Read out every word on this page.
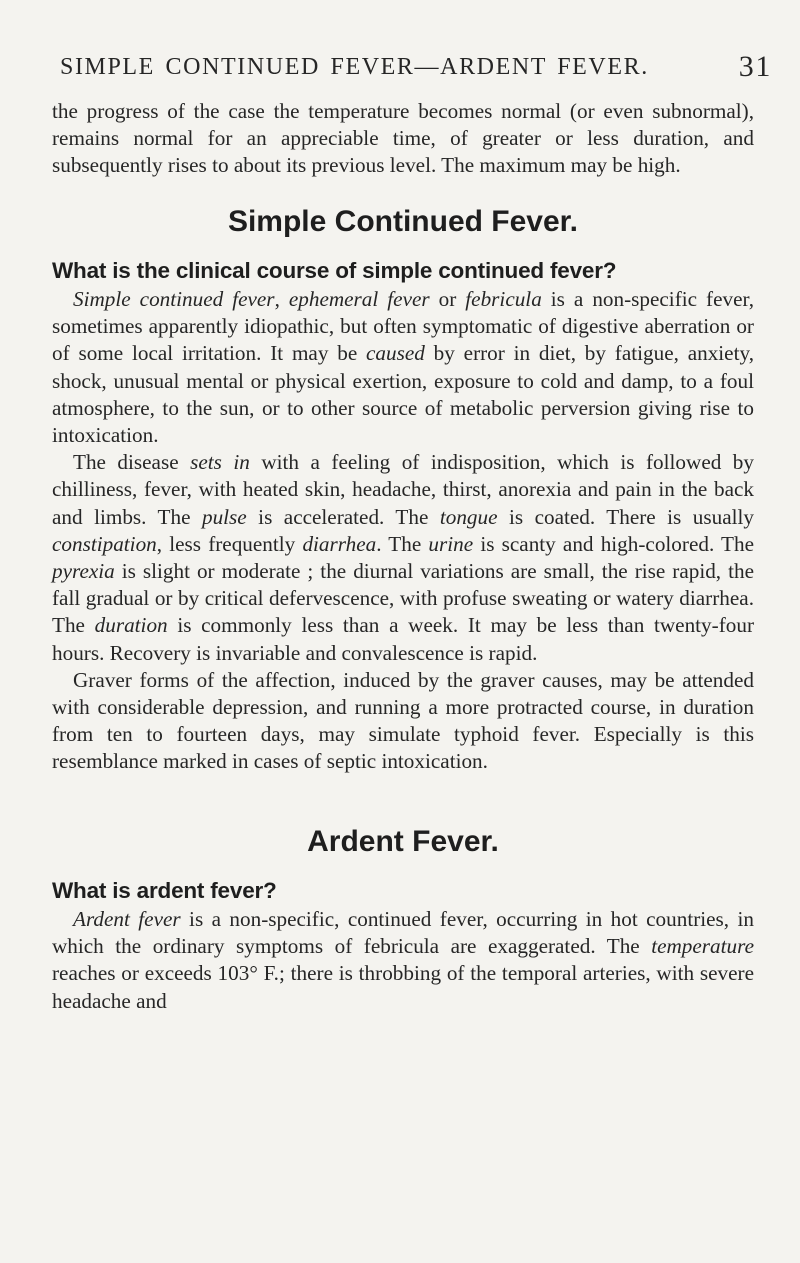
SIMPLE CONTINUED FEVER—ARDENT FEVER.	31

the progress of the case the temperature becomes normal (or even subnormal), remains normal for an appreciable time, of greater or less duration, and subsequently rises to about its previous level. The maximum may be high.

Simple Continued Fever.
What is the clinical course of simple continued fever?

Simple continued fever, ephemeral fever or febricula is a non-specific fever, sometimes apparently idiopathic, but often symptomatic of digestive aberration or of some local irritation. It may be caused by error in diet, by fatigue, anxiety, shock, unusual mental or physical exertion, exposure to cold and damp, to a foul atmosphere, to the sun, or to other source of metabolic perversion giving rise to intoxication.

The disease sets in with a feeling of indisposition, which is followed by chilliness, fever, with heated skin, headache, thirst, anorexia and pain in the back and limbs. The pulse is accelerated. The tongue is coated. There is usually constipation, less frequently diarrhea. The urine is scanty and high-colored. The pyrexia is slight or moderate ; the diurnal variations are small, the rise rapid, the fall gradual or by critical defervescence, with profuse sweating or watery diarrhea. The duration is commonly less than a week. It may be less than twenty-four hours. Recovery is invariable and convalescence is rapid.

Graver forms of the affection, induced by the graver causes, may be attended with considerable depression, and running a more protracted course, in duration from ten to fourteen days, may simulate typhoid fever. Especially is this resemblance marked in cases of septic intoxication.

Ardent Fever.
What is ardent fever?

Ardent fever is a non-specific, continued fever, occurring in hot countries, in which the ordinary symptoms of febricula are exaggerated. The temperature reaches or exceeds 103° F.; there is throbbing of the temporal arteries, with severe headache and
